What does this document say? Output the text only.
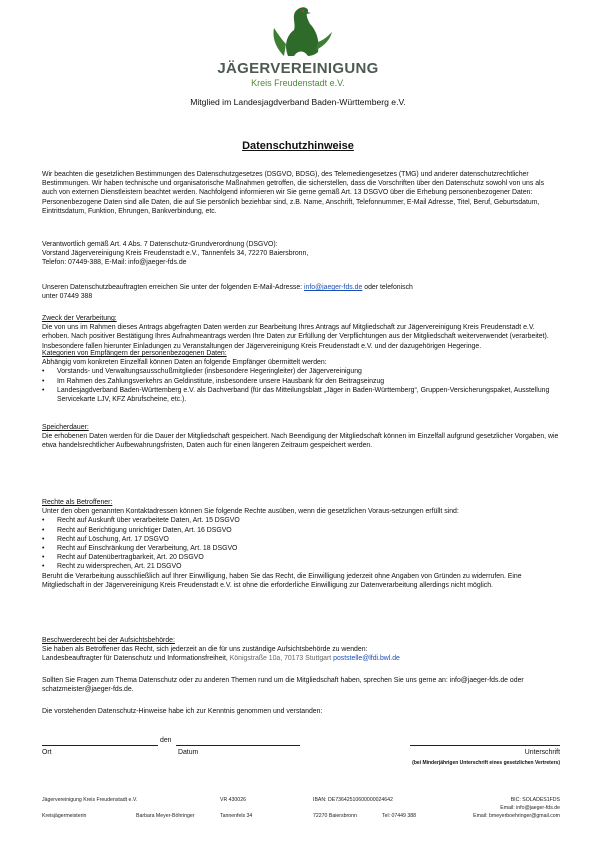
JÄGERVEREINIGUNG
Kreis Freudenstadt e.V.
Mitglied im Landesjagdverband Baden-Württemberg e.V.
Datenschutzhinweise

Wir beachten die gesetzlichen Bestimmungen des Datenschutzgesetzes (DSGVO, BDSG), des Telemediengesetzes (TMG) und anderer datenschutzrechtlicher Bestimmungen. Wir haben technische und organisatorische Maßnahmen getroffen, die sicherstellen, dass die Vorschriften über den Datenschutz sowohl von uns als auch von externen Dienstleistern beachtet werden. Nachfolgend informieren wir Sie gerne gemäß Art. 13 DSGVO über die Erhebung personenbezogener Daten: Personenbezogene Daten sind alle Daten, die auf Sie persönlich beziehbar sind, z.B. Name, Anschrift, Telefonnummer, E-Mail Adresse, Titel, Beruf, Geburtsdatum, Eintrittsdatum, Funktion, Ehrungen, Bankverbindung, etc.

Verantwortlich gemäß Art. 4 Abs. 7 Datenschutz-Grundverordnung (DSGVO):

Vorstand Jägervereinigung Kreis Freudenstadt e.V., Tannenfels 34, 72270 Baiersbronn,

Telefon: 07449-388, E-Mail: info@jaeger-fds.de

Unseren Datenschutzbeauftragten erreichen Sie unter der folgenden E-Mail-Adresse: info@jaeger-fds.de oder telefonisch

unter 07449 388

Zweck der Verarbeitung:

Die von uns im Rahmen dieses Antrags abgefragten Daten werden zur Bearbeitung Ihres Antrags auf Mitgliedschaft zur Jägervereinigung Kreis Freudenstadt e.V. erhoben. Nach positiver Bestätigung Ihres Aufnahmeantrags werden Ihre Daten zur Erfüllung der Verpflichtungen aus der Mitgliedschaft weiterverwendet (verarbeitet). Insbesondere fallen hierunter Einladungen zu Veranstaltungen der Jägervereinigung Kreis Freudenstadt e.V. und der dazugehörigen Hegeringe.

Kategorien von Empfängern der personenbezogenen Daten:

Abhängig vom konkreten Einzelfall können Daten an folgende Empfänger übermittelt werden:

• Vorstands- und Verwaltungsausschußmitglieder (insbesondere Hegeringleiter) der Jägervereinigung
• Im Rahmen des Zahlungsverkehrs an Geldinstitute, insbesondere unsere Hausbank für den Beitragseinzug
• Landesjagdverband Baden-Württemberg e.V. als Dachverband (für das Mitteilungsblatt „Jäger in Baden-Württemberg“, Gruppen-Versicherungspaket, Ausstellung Servicekarte LJV, KFZ Abrufscheine, etc.).

Speicherdauer:

Die erhobenen Daten werden für die Dauer der Mitgliedschaft gespeichert. Nach Beendigung der Mitgliedschaft können im Einzelfall aufgrund gesetzlicher Vorgaben, wie etwa handelsrechtlicher Aufbewahrungsfristen, Daten auch für einen längeren Zeitraum gespeichert werden.

Rechte als Betroffener:

Unter den oben genannten Kontaktadressen können Sie folgende Rechte ausüben, wenn die gesetzlichen Voraus-setzungen erfüllt sind:

• Recht auf Auskunft über verarbeitete Daten, Art. 15 DSGVO
• Recht auf Berichtigung unrichtiger Daten, Art. 16 DSGVO
• Recht auf Löschung, Art. 17 DSGVO
• Recht auf Einschränkung der Verarbeitung, Art. 18 DSGVO
• Recht auf Datenübertragbarkeit, Art. 20 DSGVO
• Recht zu widersprechen, Art. 21 DSGVO

Beruht die Verarbeitung ausschließlich auf Ihrer Einwilligung, haben Sie das Recht, die Einwilligung jederzeit ohne Angaben von Gründen zu widerrufen. Eine Mitgliedschaft in der Jägervereinigung Kreis Freudenstadt e.V. ist ohne die erforderliche Einwilligung zur Datenverarbeitung allerdings nicht möglich.

Beschwerderecht bei der Aufsichtsbehörde:

Sie haben als Betroffener das Recht, sich jederzeit an die für uns zuständige Aufsichtsbehörde zu wenden:

Landesbeauftragter für Datenschutz und Informationsfreiheit, Königstraße 10a, 70173 Stuttgart poststelle@lfdi.bwl.de

Sollten Sie Fragen zum Thema Datenschutz oder zu anderen Themen rund um die Mitgliedschaft haben, sprechen Sie uns gerne an: info@jaeger-fds.de oder schatzmeister@jaeger-fds.de.

Die vorstehenden Datenschutz-Hinweise habe ich zur Kenntnis genommen und verstanden:

den
Ort	Datum	Unterschrift
(bei Minderjährigen Unterschrift eines gesetzlichen Vertreters)
Jägervereinigung Kreis Freudenstadt e.V.	VR 430026	IBAN: DE73642510600000024642	BIC: SOLADES1FDS
Email: info@jaeger-fds.de
Kreisjägermeisterin	Barbara Meyer-Böhringer	Tannenfels 34	72270 Baiersbronn	Tel: 07449 388	Email: bmeyerboehringer@gmail.com
